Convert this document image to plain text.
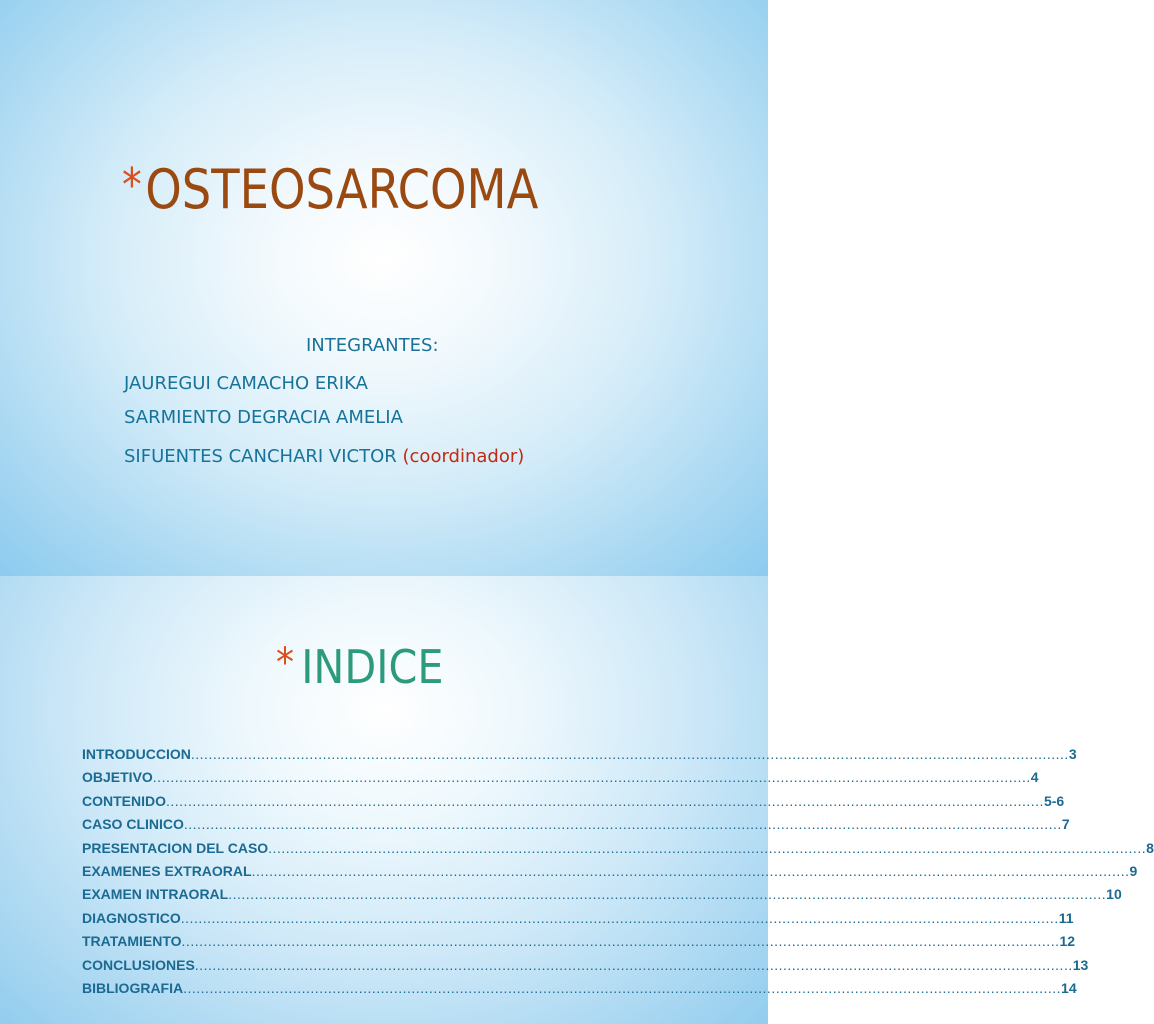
*OSTEOSARCOMA
INTEGRANTES:
JAUREGUI CAMACHO ERIKA
SARMIENTO DEGRACIA AMELIA
SIFUENTES CANCHARI VICTOR (coordinador)
* INDICE
INTRODUCCION ........................................................................................................................................................................................................ 3
OBJETIVO ........................................................................................................................................................................................................ 4
CONTENIDO ........................................................................................................................................................................................................ 5-6
CASO CLINICO ........................................................................................................................................................................................................ 7
PRESENTACION DEL CASO ........................................................................................................................................................................................................ 8
EXAMENES EXTRAORAL ........................................................................................................................................................................................................ 9
EXAMEN INTRAORAL ........................................................................................................................................................................................................ 10
DIAGNOSTICO ........................................................................................................................................................................................................ 11
TRATAMIENTO ........................................................................................................................................................................................................ 12
CONCLUSIONES ........................................................................................................................................................................................................ 13
BIBLIOGRAFIA ........................................................................................................................................................................................................ 14
